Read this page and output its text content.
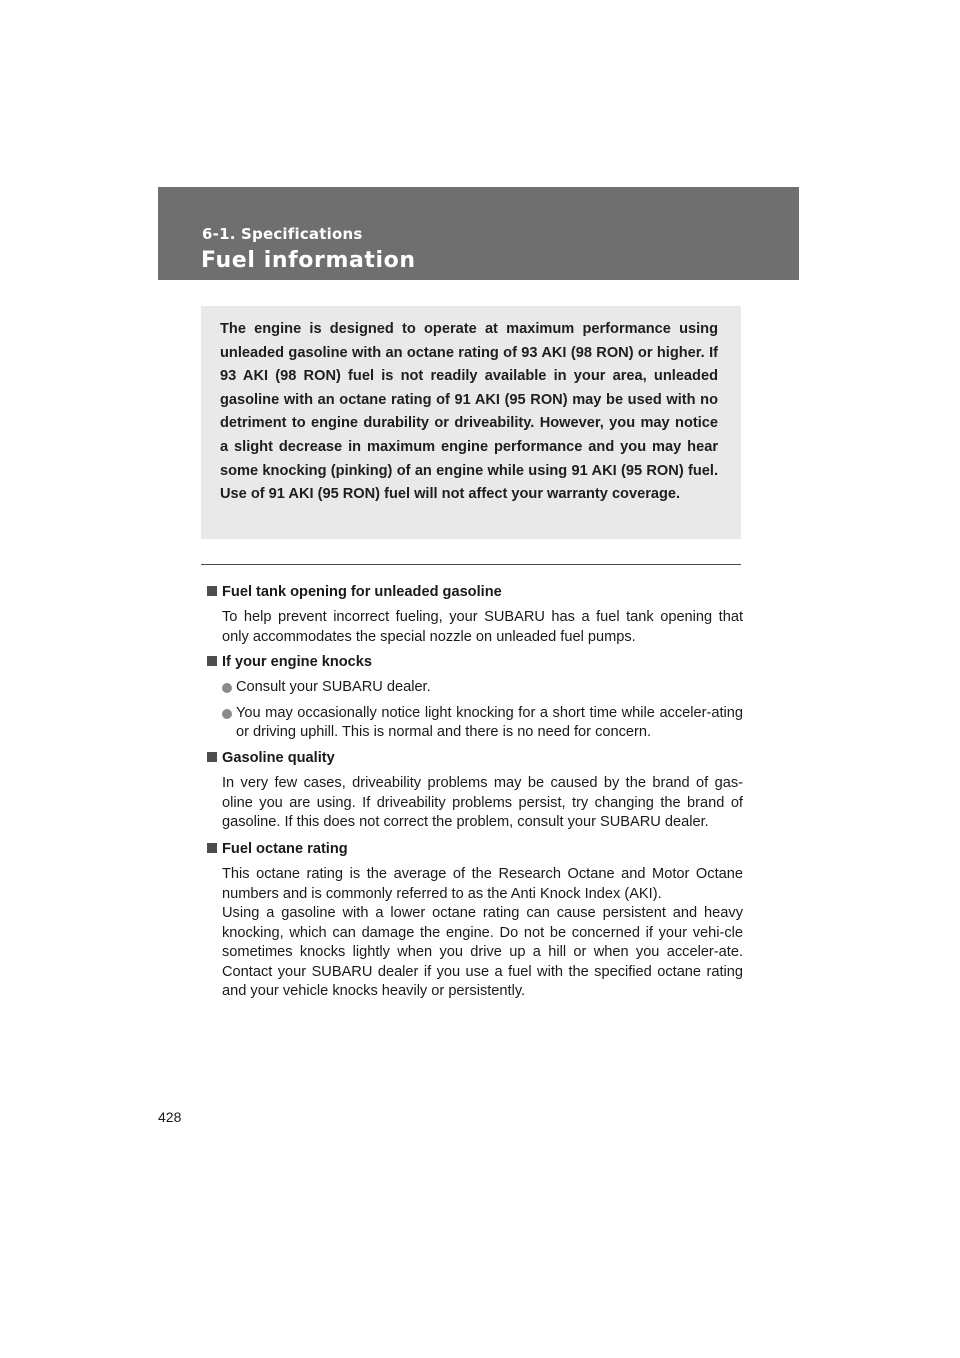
6-1. Specifications
Fuel information
The engine is designed to operate at maximum performance using unleaded gasoline with an octane rating of 93 AKI (98 RON) or higher. If 93 AKI (98 RON) fuel is not readily available in your area, unleaded gasoline with an octane rating of 91 AKI (95 RON) may be used with no detriment to engine durability or driveability. However, you may notice a slight decrease in maximum engine performance and you may hear some knocking (pinking) of an engine while using 91 AKI (95 RON) fuel. Use of 91 AKI (95 RON) fuel will not affect your warranty coverage.
Fuel tank opening for unleaded gasoline
To help prevent incorrect fueling, your SUBARU has a fuel tank opening that only accommodates the special nozzle on unleaded fuel pumps.
If your engine knocks
Consult your SUBARU dealer.
You may occasionally notice light knocking for a short time while acceler-ating or driving uphill. This is normal and there is no need for concern.
Gasoline quality
In very few cases, driveability problems may be caused by the brand of gas-oline you are using. If driveability problems persist, try changing the brand of gasoline. If this does not correct the problem, consult your SUBARU dealer.
Fuel octane rating
This octane rating is the average of the Research Octane and Motor Octane numbers and is commonly referred to as the Anti Knock Index (AKI).
Using a gasoline with a lower octane rating can cause persistent and heavy knocking, which can damage the engine. Do not be concerned if your vehi-cle sometimes knocks lightly when you drive up a hill or when you acceler-ate. Contact your SUBARU dealer if you use a fuel with the specified octane rating and your vehicle knocks heavily or persistently.
428
